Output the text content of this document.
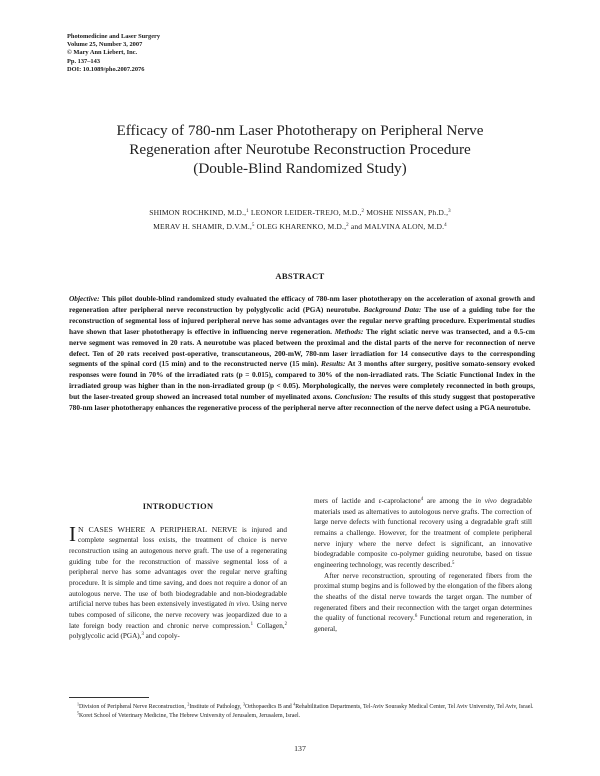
Photomedicine and Laser Surgery
Volume 25, Number 3, 2007
© Mary Ann Liebert, Inc.
Pp. 137–143
DOI: 10.1089/pho.2007.2076
Efficacy of 780-nm Laser Phototherapy on Peripheral Nerve
Regeneration after Neurotube Reconstruction Procedure
(Double-Blind Randomized Study)
SHIMON ROCHKIND, M.D.,$^1$ LEONOR LEIDER-TREJO, M.D.,$^2$ MOSHE NISSAN, Ph.D.,$^3$
MERAV H. SHAMIR, D.V.M.,$^5$ OLEG KHARENKO, M.D.,$^2$ and MALVINA ALON, M.D.$^4$
ABSTRACT
Objective: This pilot double-blind randomized study evaluated the efficacy of 780-nm laser phototherapy on the acceleration of axonal growth and regeneration after peripheral nerve reconstruction by polyglycolic acid (PGA) neurotube. Background Data: The use of a guiding tube for the reconstruction of segmental loss of injured peripheral nerve has some advantages over the regular nerve grafting procedure. Experimental studies have shown that laser phototherapy is effective in influencing nerve regeneration. Methods: The right sciatic nerve was transected, and a 0.5-cm nerve segment was removed in 20 rats. A neurotube was placed between the proximal and the distal parts of the nerve for reconnection of nerve defect. Ten of 20 rats received post-operative, transcutaneous, 200-mW, 780-nm laser irradiation for 14 consecutive days to the corresponding segments of the spinal cord (15 min) and to the reconstructed nerve (15 min). Results: At 3 months after surgery, positive somato-sensory evoked responses were found in 70% of the irradiated rats (p = 0.015), compared to 30% of the non-irradiated rats. The Sciatic Functional Index in the irradiated group was higher than in the non-irradiated group (p < 0.05). Morphologically, the nerves were completely reconnected in both groups, but the laser-treated group showed an increased total number of myelinated axons. Conclusion: The results of this study suggest that postoperative 780-nm laser phototherapy enhances the regenerative process of the peripheral nerve after reconnection of the nerve defect using a PGA neurotube.
INTRODUCTION

I N CASES WHERE A PERIPHERAL NERVE is injured and complete segmental loss exists, the treatment of choice is nerve reconstruction using an autogenous nerve graft. The use of a regenerating guiding tube for the reconstruction of massive segmental loss of a peripheral nerve has some advantages over the regular nerve grafting procedure. It is simple and time saving, and does not require a donor of an autologous nerve. The use of both biodegradable and non-biodegradable artificial nerve tubes has been extensively investigated in vivo. Using nerve tubes composed of silicone, the nerve recovery was jeopardized due to a late foreign body reaction and chronic nerve compression.$^1$ Collagen,$^2$ polyglycolic acid (PGA),$^3$ and copoly-

mers of lactide and ε-caprolactone$^4$ are among the in vivo degradable materials used as alternatives to autologous nerve grafts. The correction of large nerve defects with functional recovery using a degradable graft still remains a challenge. However, for the treatment of complete peripheral nerve injury where the nerve defect is significant, an innovative biodegradable composite co-polymer guiding neurotube, based on tissue engineering technology, was recently described.$^5$

After nerve reconstruction, sprouting of regenerated fibers from the proximal stump begins and is followed by the elongation of the fibers along the sheaths of the distal nerve towards the target organ. The number of regenerated fibers and their reconnection with the target organ determines the quality of functional recovery.$^6$ Functional return and regeneration, in general,

$^1$Division of Peripheral Nerve Reconstruction, $^2$Institute of Pathology, $^3$Orthopaedics B and $^4$Rehabilitation Departments, Tel-Aviv Sourasky Medical Center, Tel Aviv University, Tel Aviv, Israel.

$^5$Koret School of Veterinary Medicine, The Hebrew University of Jerusalem, Jerusalem, Israel.

137
